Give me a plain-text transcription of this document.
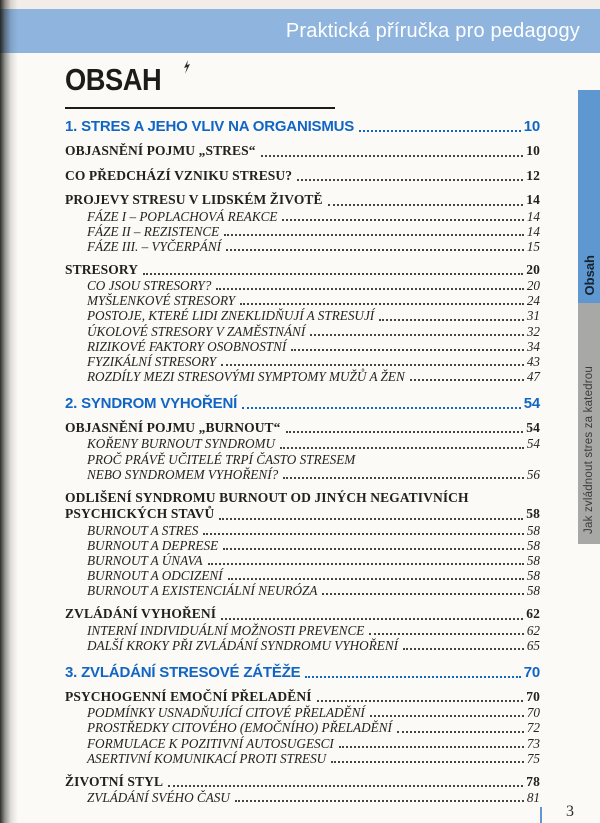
Praktická příručka pro pedagogy
Obsah
Jak zvládnout stres za katedrou
OBSAH
1. STRES A JEHO VLIV NA ORGANISMUS	10
OBJASNĚNÍ POJMU „STRES“	10
CO PŘEDCHÁZÍ VZNIKU STRESU?	12
PROJEVY STRESU V LIDSKÉM ŽIVOTĚ	14
FÁZE I – POPLACHOVÁ REAKCE	14
FÁZE II – REZISTENCE	14
FÁZE III. – VYČERPÁNÍ	15
STRESORY	20
CO JSOU STRESORY?	20
MYŠLENKOVÉ STRESORY	24
POSTOJE, KTERÉ LIDI ZNEKLIDŇUJÍ A STRESUJÍ	31
ÚKOLOVÉ STRESORY V ZAMĚSTNÁNÍ	32
RIZIKOVÉ FAKTORY OSOBNOSTNÍ	34
FYZIKÁLNÍ STRESORY	43
ROZDÍLY MEZI STRESOVÝMI SYMPTOMY MUŽŮ A ŽEN	47
2. SYNDROM VYHOŘENÍ	54
OBJASNĚNÍ POJMU „BURNOUT“	54
KOŘENY BURNOUT SYNDROMU	54
PROČ PRÁVĚ UČITELÉ TRPÍ ČASTO STRESEM
NEBO SYNDROMEM VYHOŘENÍ?	56
ODLIŠENÍ SYNDROMU BURNOUT OD JINÝCH NEGATIVNÍCH
PSYCHICKÝCH STAVŮ	58
BURNOUT A STRES	58
BURNOUT A DEPRESE	58
BURNOUT A ÚNAVA	58
BURNOUT A ODCIZENÍ	58
BURNOUT A EXISTENCIÁLNÍ NEURÓZA	58
ZVLÁDÁNÍ VYHOŘENÍ	62
INTERNÍ INDIVIDUÁLNÍ MOŽNOSTI PREVENCE	62
DALŠÍ KROKY PŘI ZVLÁDÁNÍ SYNDROMU VYHOŘENÍ	65
3. ZVLÁDÁNÍ STRESOVÉ ZÁTĚŽE	70
PSYCHOGENNÍ EMOČNÍ PŘELADĚNÍ	70
PODMÍNKY USNADŇUJÍCÍ CITOVÉ PŘELADĚNÍ	70
PROSTŘEDKY CITOVÉHO (EMOČNÍHO) PŘELADĚNÍ	72
FORMULACE K POZITIVNÍ AUTOSUGESCI	73
ASERTIVNÍ KOMUNIKACÍ PROTI STRESU	75
ŽIVOTNÍ STYL	78
ZVLÁDÁNÍ SVÉHO ČASU	81
3
